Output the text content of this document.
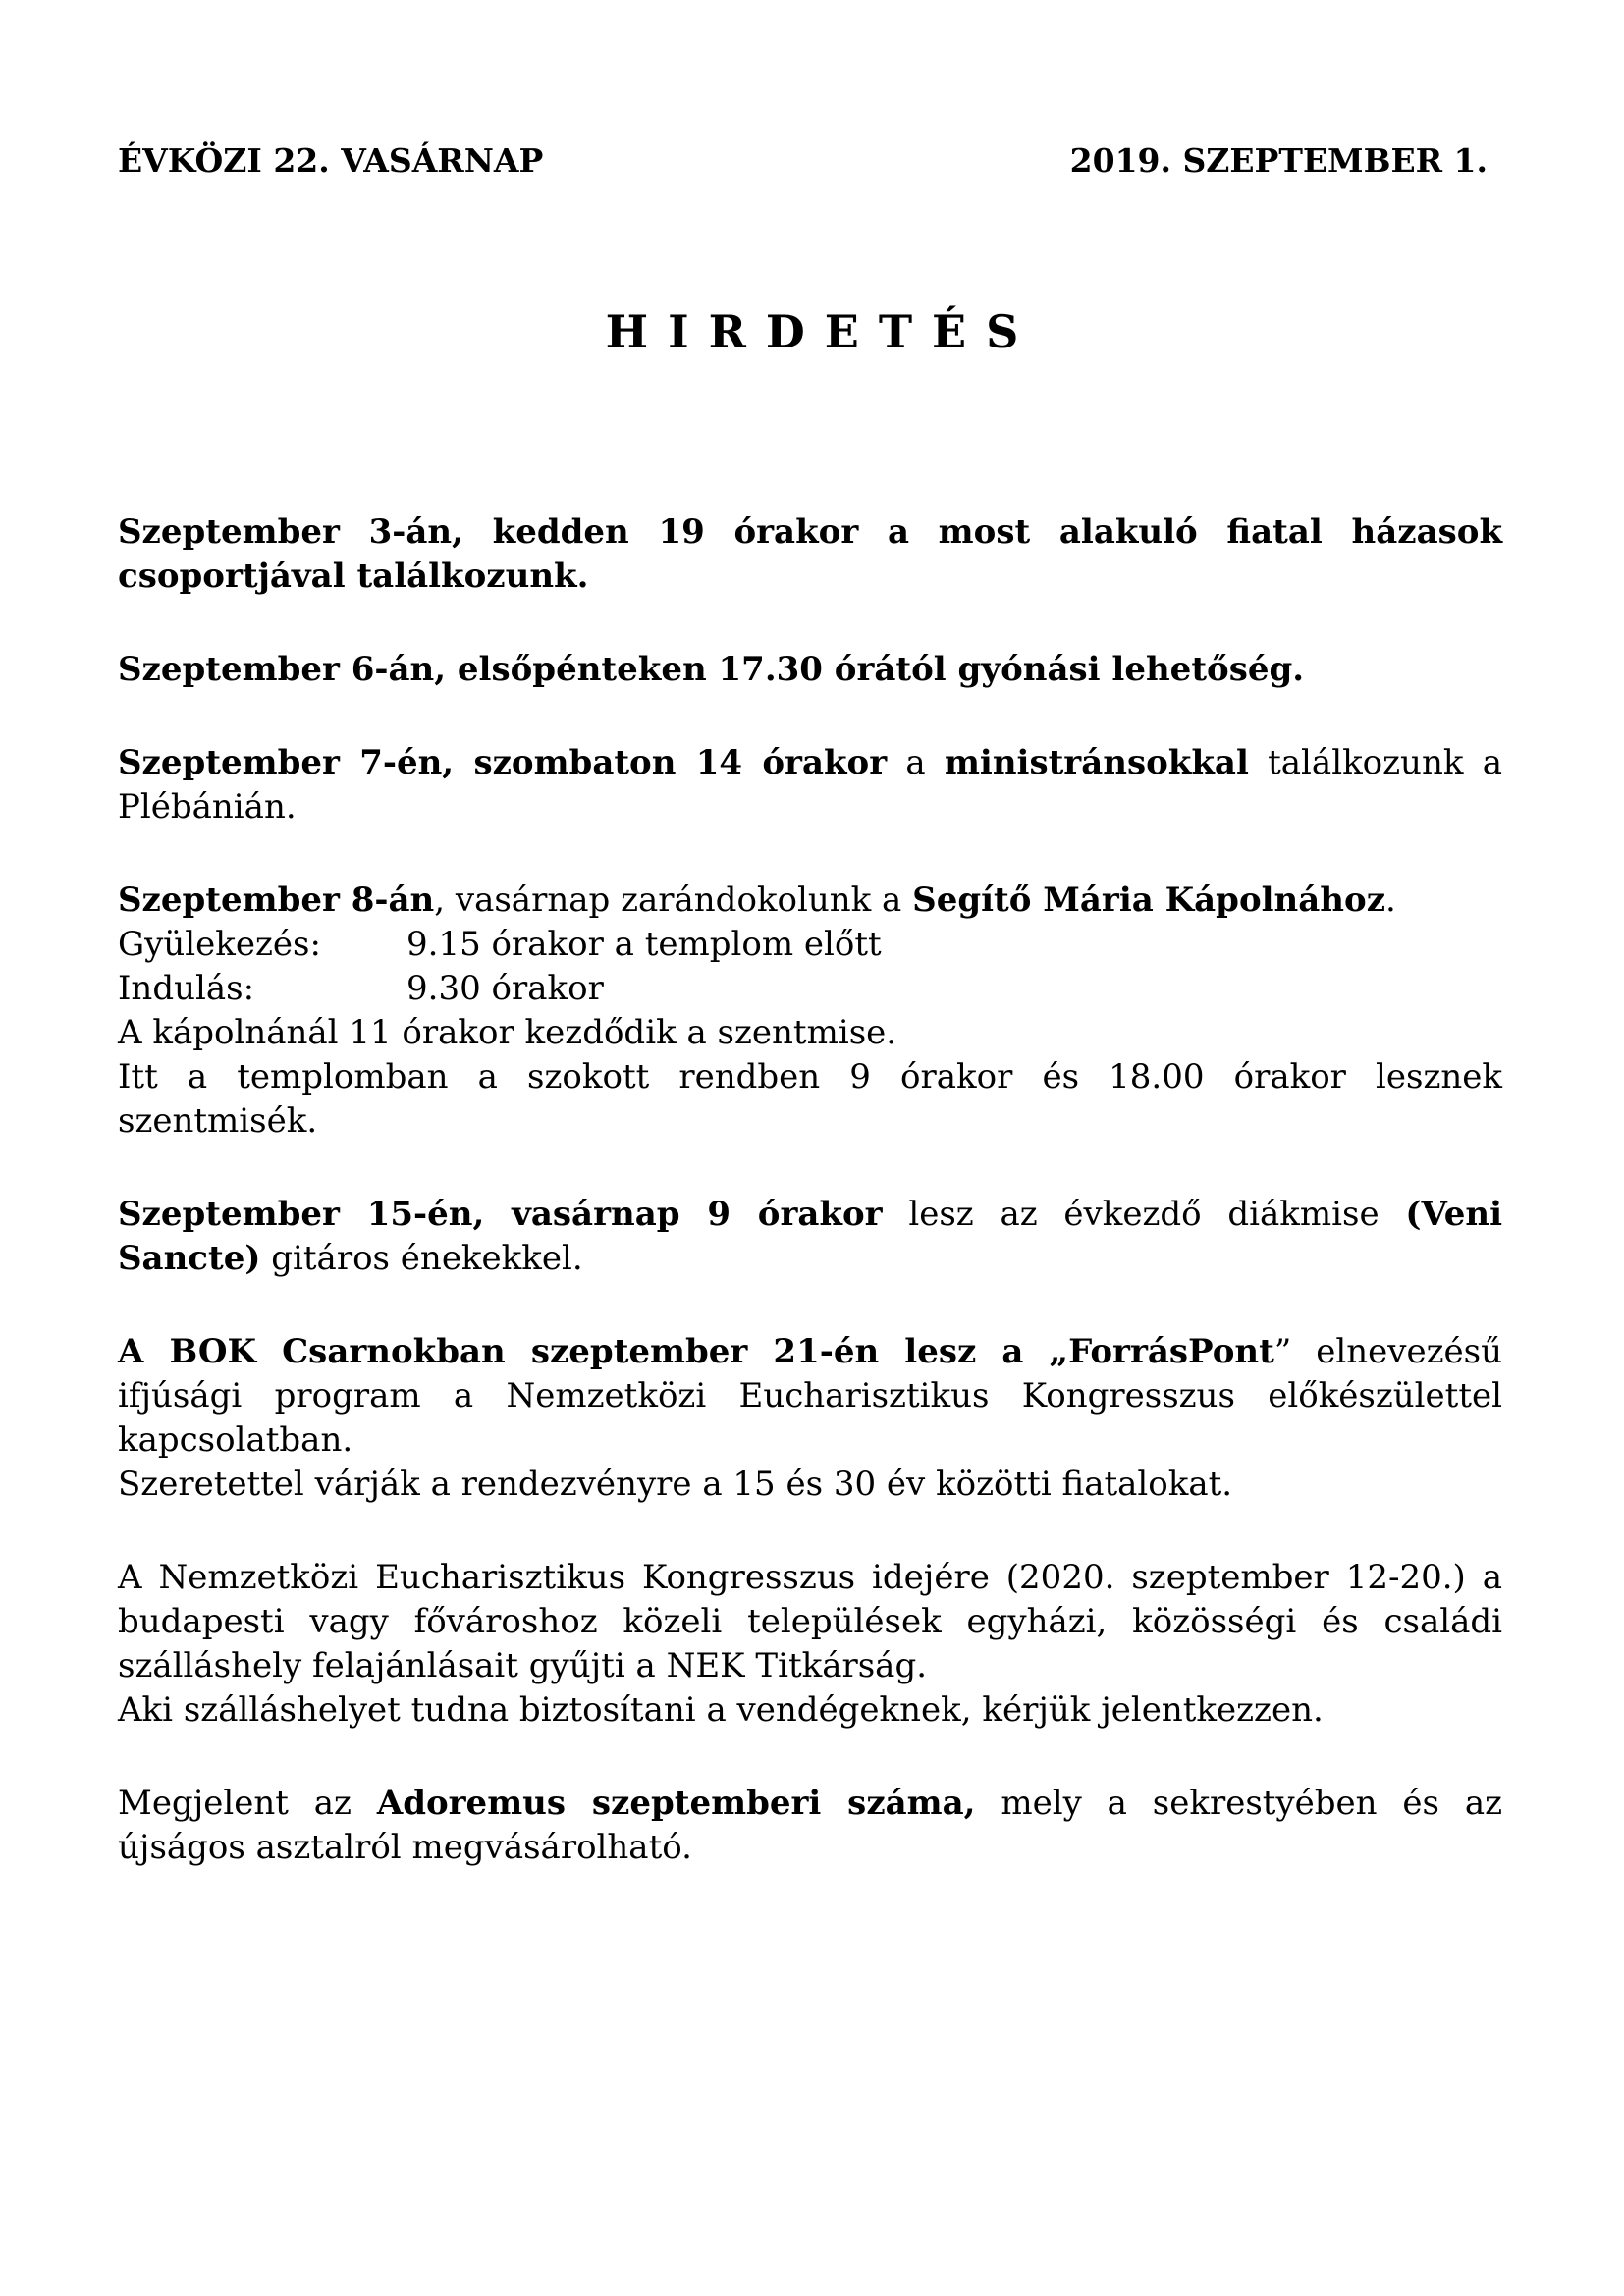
ÉVKÖZI 22. VASÁRNAP	2019. SZEPTEMBER 1.
HIRDETÉS

Szeptember 3-án, kedden 19 órakor a most alakuló fiatal házasok csoportjával találkozunk.

Szeptember 6-án, elsőpénteken 17.30 órától gyónási lehetőség.

Szeptember 7-én, szombaton 14 órakor a ministránsokkal találkozunk a Plébánián.

Szeptember 8-án, vasárnap zarándokolunk a Segítő Mária Kápolnához.
Gyülekezés:	9.15 órakor a templom előtt
Indulás:	9.30 órakor
A kápolnánál 11 órakor kezdődik a szentmise.
Itt a templomban a szokott rendben 9 órakor és 18.00 órakor lesznek szentmisék.

Szeptember 15-én, vasárnap 9 órakor lesz az évkezdő diákmise (Veni Sancte) gitáros énekekkel.

A BOK Csarnokban szeptember 21-én lesz a „ForrásPont” elnevezésű ifjúsági program a Nemzetközi Eucharisztikus Kongresszus előkészülettel kapcsolatban.
Szeretettel várják a rendezvényre a 15 és 30 év közötti fiatalokat.
A Nemzetközi Eucharisztikus Kongresszus idejére (2020. szeptember 12-20.) a budapesti vagy fővároshoz közeli települések egyházi, közösségi és családi szálláshely felajánlásait gyűjti a NEK Titkárság.
Aki szálláshelyet tudna biztosítani a vendégeknek, kérjük jelentkezzen.

Megjelent az Adoremus szeptemberi száma, mely a sekrestyében és az újságos asztalról megvásárolható.
